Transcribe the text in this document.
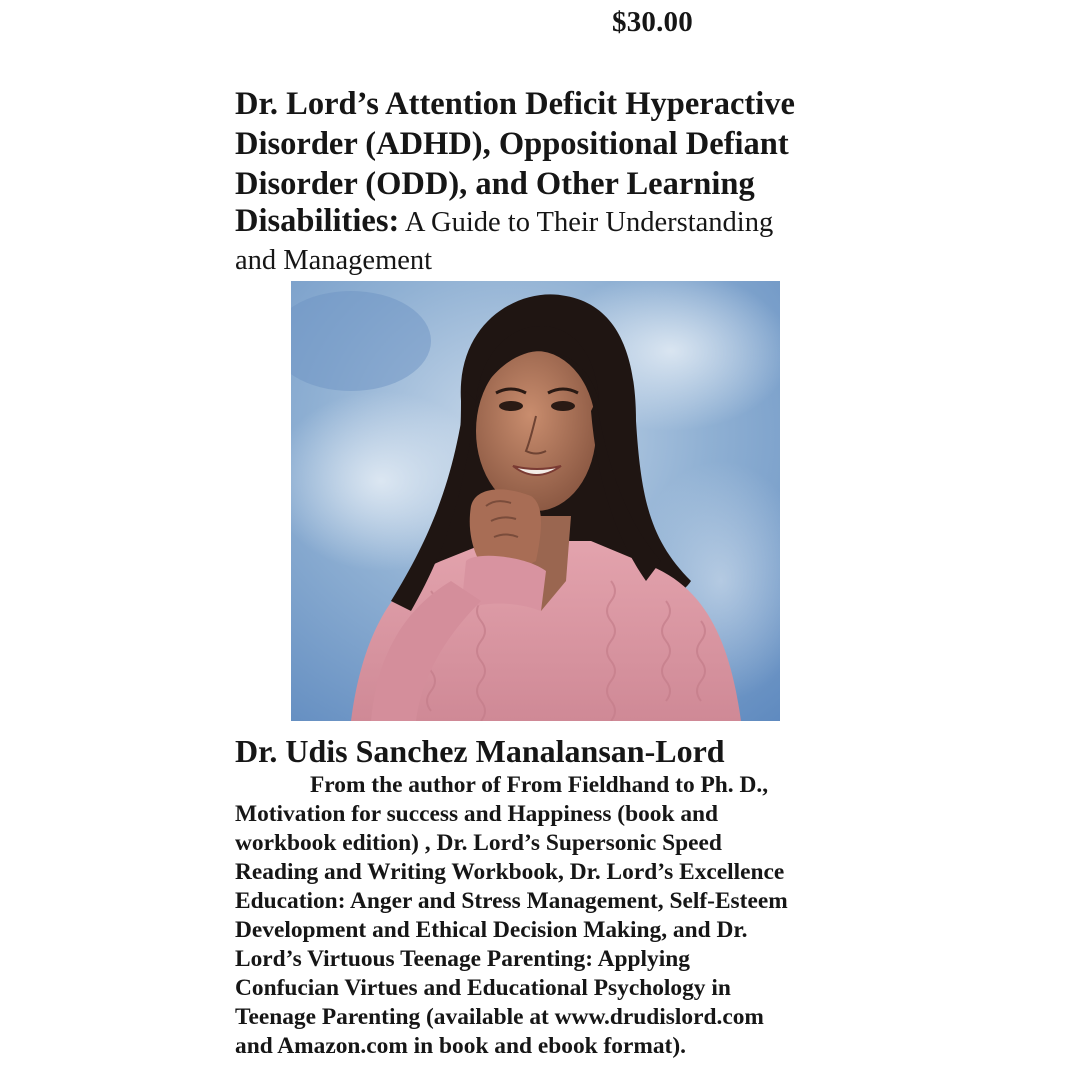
$30.00
Dr. Lord’s Attention Deficit Hyperactive
Disorder (ADHD), Oppositional Defiant
Disorder (ODD), and Other Learning
Disabilities: A Guide to Their Understanding
and Management
Dr. Udis Sanchez Manalansan-Lord
From the author of From Fieldhand to Ph. D.,
Motivation for success and Happiness (book and
workbook edition) , Dr. Lord’s Supersonic Speed
Reading and Writing Workbook, Dr. Lord’s Excellence
Education: Anger and Stress Management, Self-Esteem
Development and Ethical Decision Making, and Dr.
Lord’s Virtuous Teenage Parenting: Applying
Confucian Virtues and Educational Psychology in
Teenage Parenting (available at www.drudislord.com
and Amazon.com in book and ebook format).
